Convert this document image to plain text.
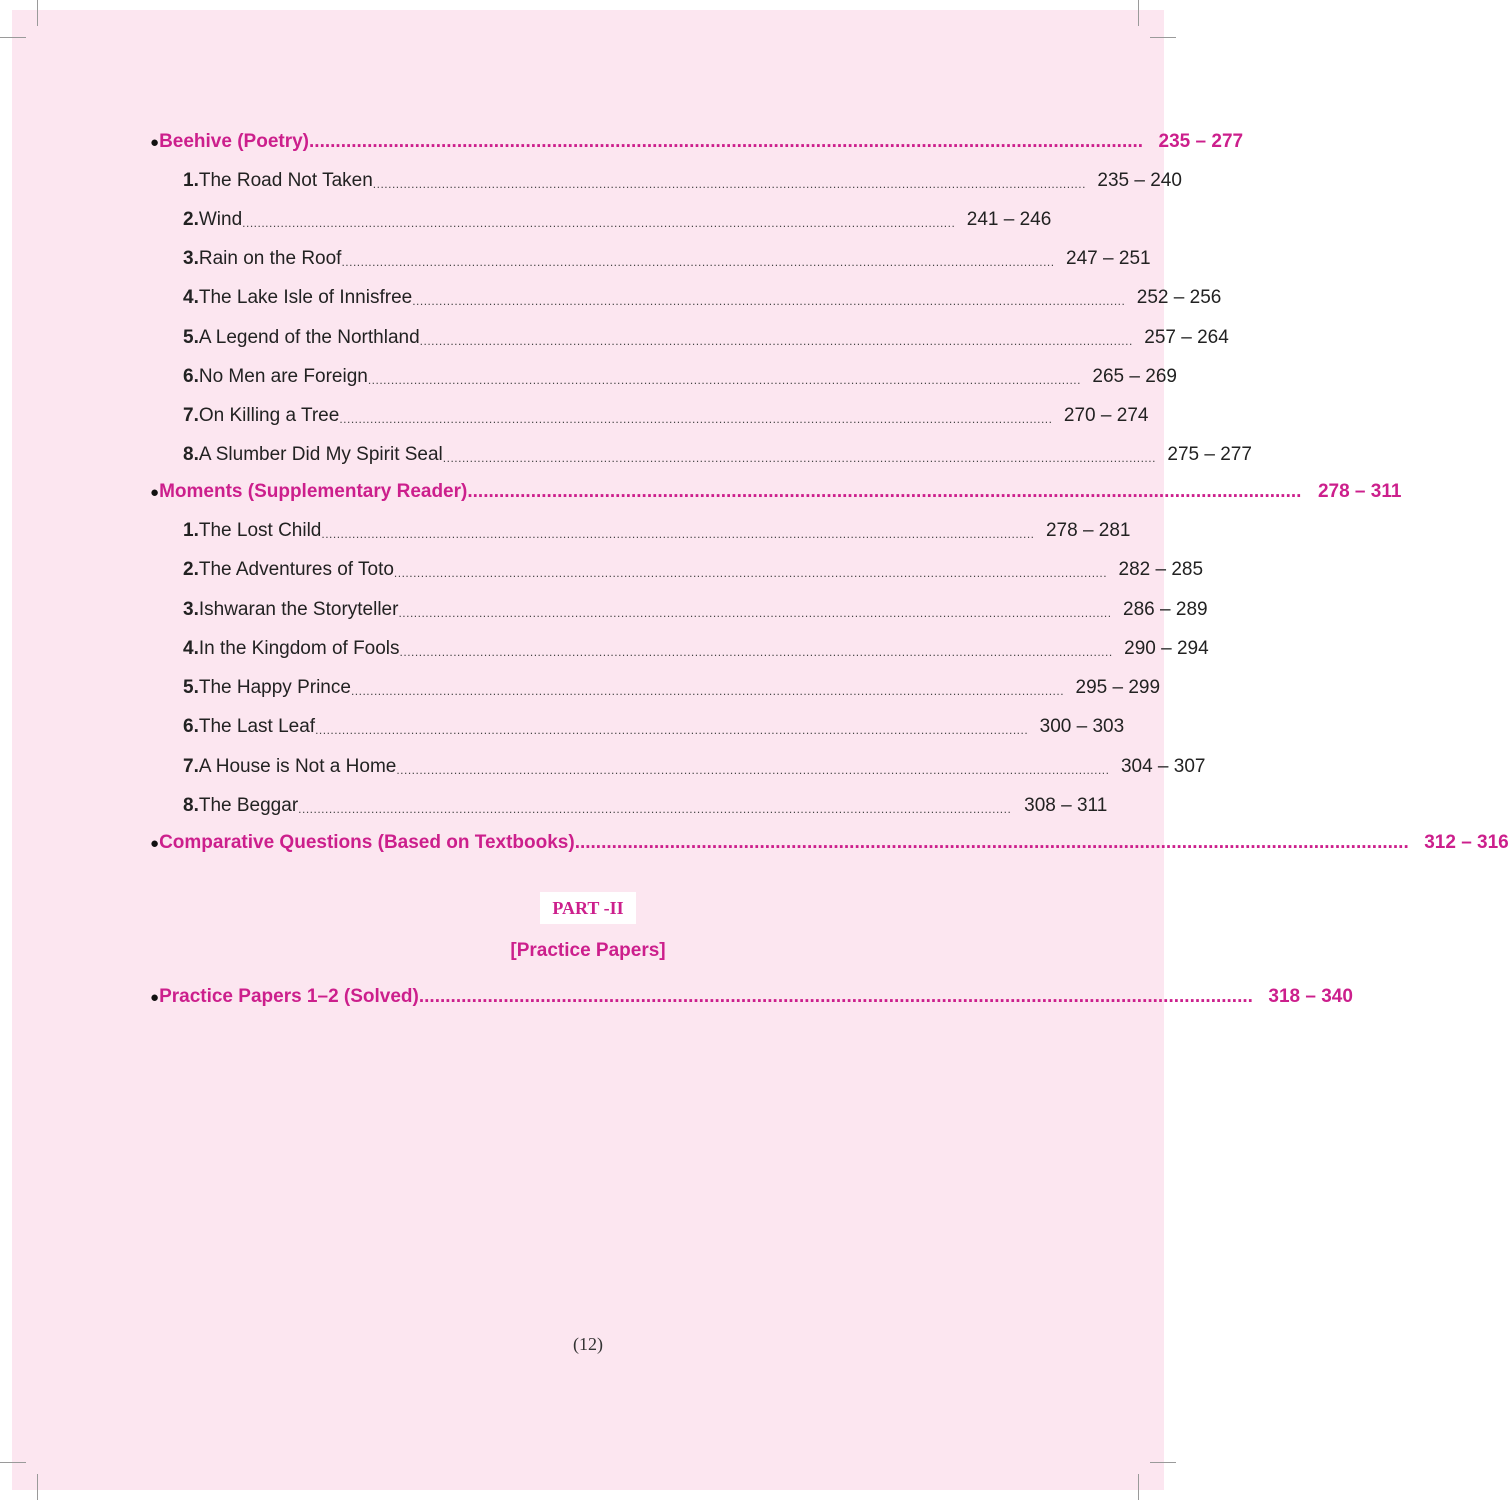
● Beehive (Poetry) .............................................................................................................................................................. 235 – 277
1. The Road Not Taken .......................................................................................................................................................................................... 235 – 240
2. Wind .......................................................................................................................................................................................... 241 – 246
3. Rain on the Roof .......................................................................................................................................................................................... 247 – 251
4. The Lake Isle of Innisfree .......................................................................................................................................................................................... 252 – 256
5. A Legend of the Northland .......................................................................................................................................................................................... 257 – 264
6. No Men are Foreign .......................................................................................................................................................................................... 265 – 269
7. On Killing a Tree .......................................................................................................................................................................................... 270 – 274
8. A Slumber Did My Spirit Seal .......................................................................................................................................................................................... 275 – 277
● Moments (Supplementary Reader) .............................................................................................................................................................. 278 – 311
1. The Lost Child .......................................................................................................................................................................................... 278 – 281
2. The Adventures of Toto .......................................................................................................................................................................................... 282 – 285
3. Ishwaran the Storyteller .......................................................................................................................................................................................... 286 – 289
4. In the Kingdom of Fools .......................................................................................................................................................................................... 290 – 294
5. The Happy Prince .......................................................................................................................................................................................... 295 – 299
6. The Last Leaf .......................................................................................................................................................................................... 300 – 303
7. A House is Not a Home .......................................................................................................................................................................................... 304 – 307
8. The Beggar .......................................................................................................................................................................................... 308 – 311
● Comparative Questions (Based on Textbooks) .............................................................................................................................................................. 312 – 316
PART -II
[Practice Papers]
● Practice Papers 1–2 (Solved) .............................................................................................................................................................. 318 – 340
(12)
